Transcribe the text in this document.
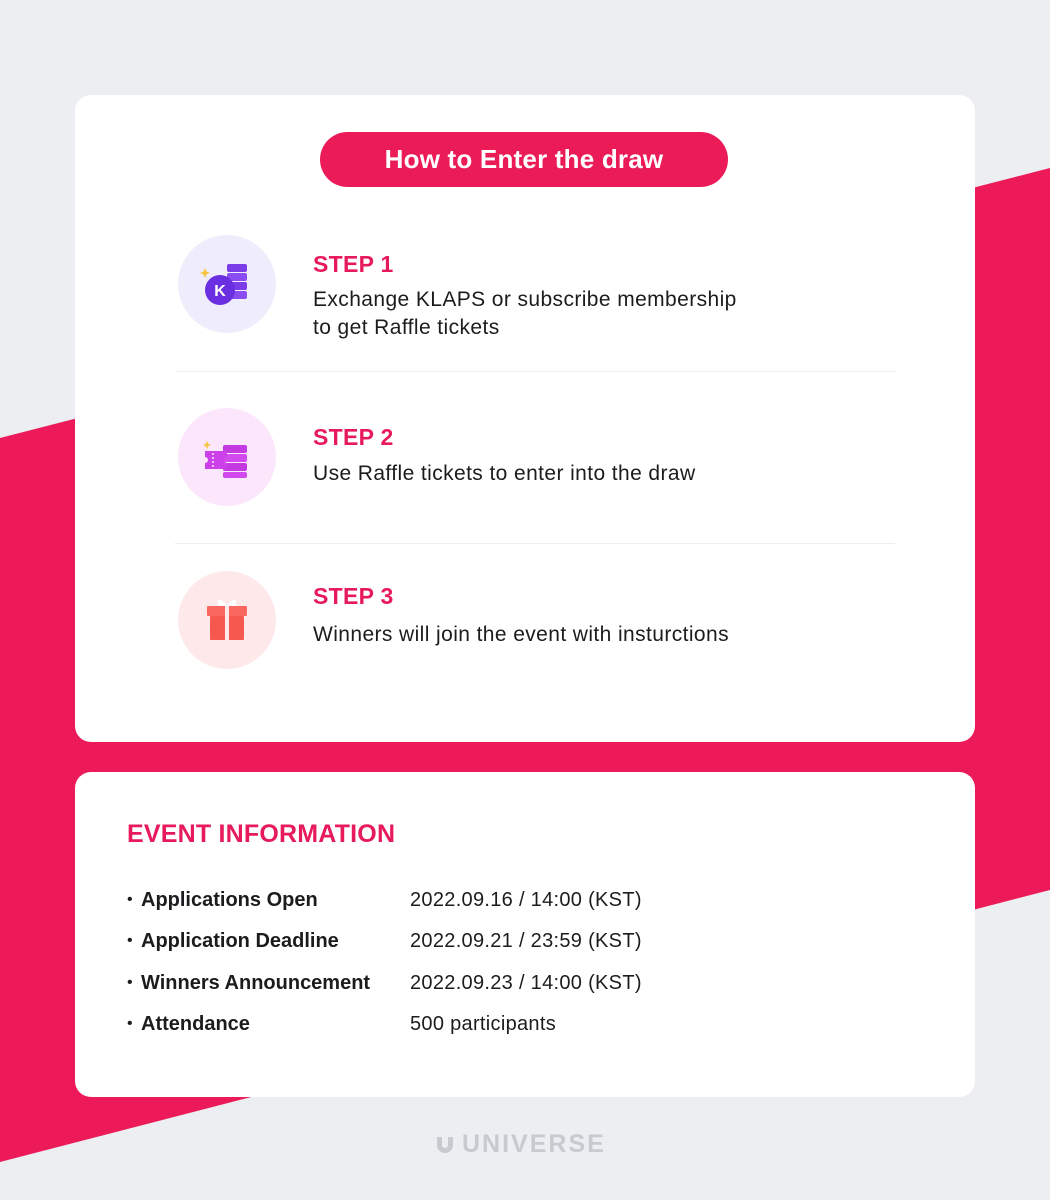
How to Enter the draw
K
STEP 1
Exchange KLAPS or subscribe membership
to get Raffle tickets
STEP 2
Use Raffle tickets to enter into the draw
STEP 3
Winners will join the event with insturctions
EVENT INFORMATION
• Applications Open	2022.09.16 / 14:00 (KST)
• Application Deadline	2022.09.21 / 23:59 (KST)
• Winners Announcement 2022.09.23 / 14:00 (KST)
• Attendance	500 participants
UNIVERSE
